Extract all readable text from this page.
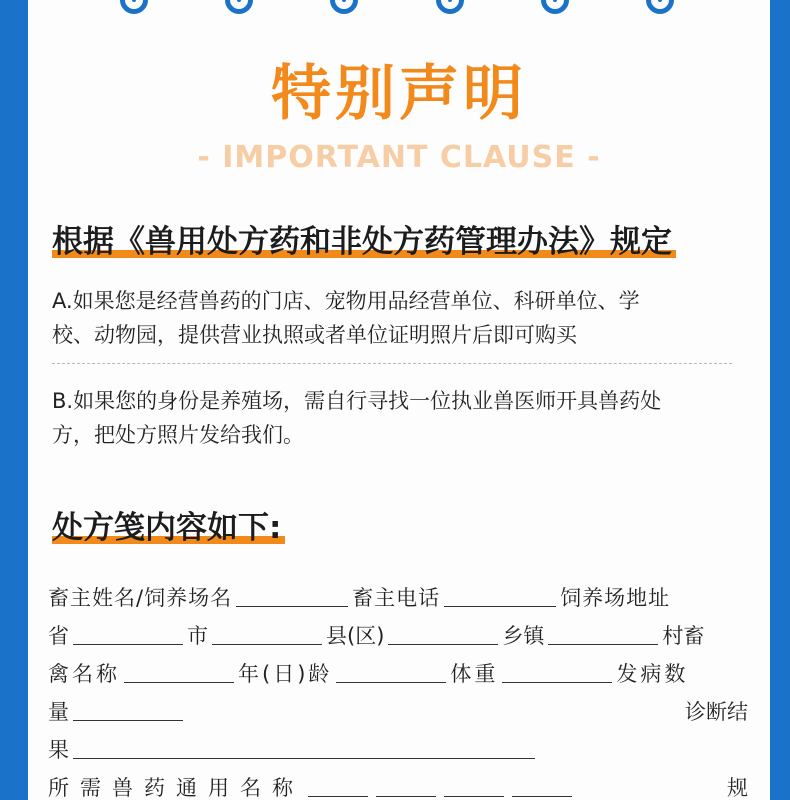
特别声明
- IMPORTANT CLAUSE -
根据《兽用处方药和非处方药管理办法》规定
A.如果您是经营兽药的门店、宠物用品经营单位、科研单位、学
校、动物园，提供营业执照或者单位证明照片后即可购买
B.如果您的身份是养殖场，需自行寻找一位执业兽医师开具兽药处
方，把处方照片发给我们。
处方笺内容如下:
畜主姓名/饲养场名	畜主电话	饲养场地址
省	市	县(区)	乡镇	村畜
禽名称	年(日)龄	体重	发病数
量	诊断结
果
所需兽药通用名称	规
